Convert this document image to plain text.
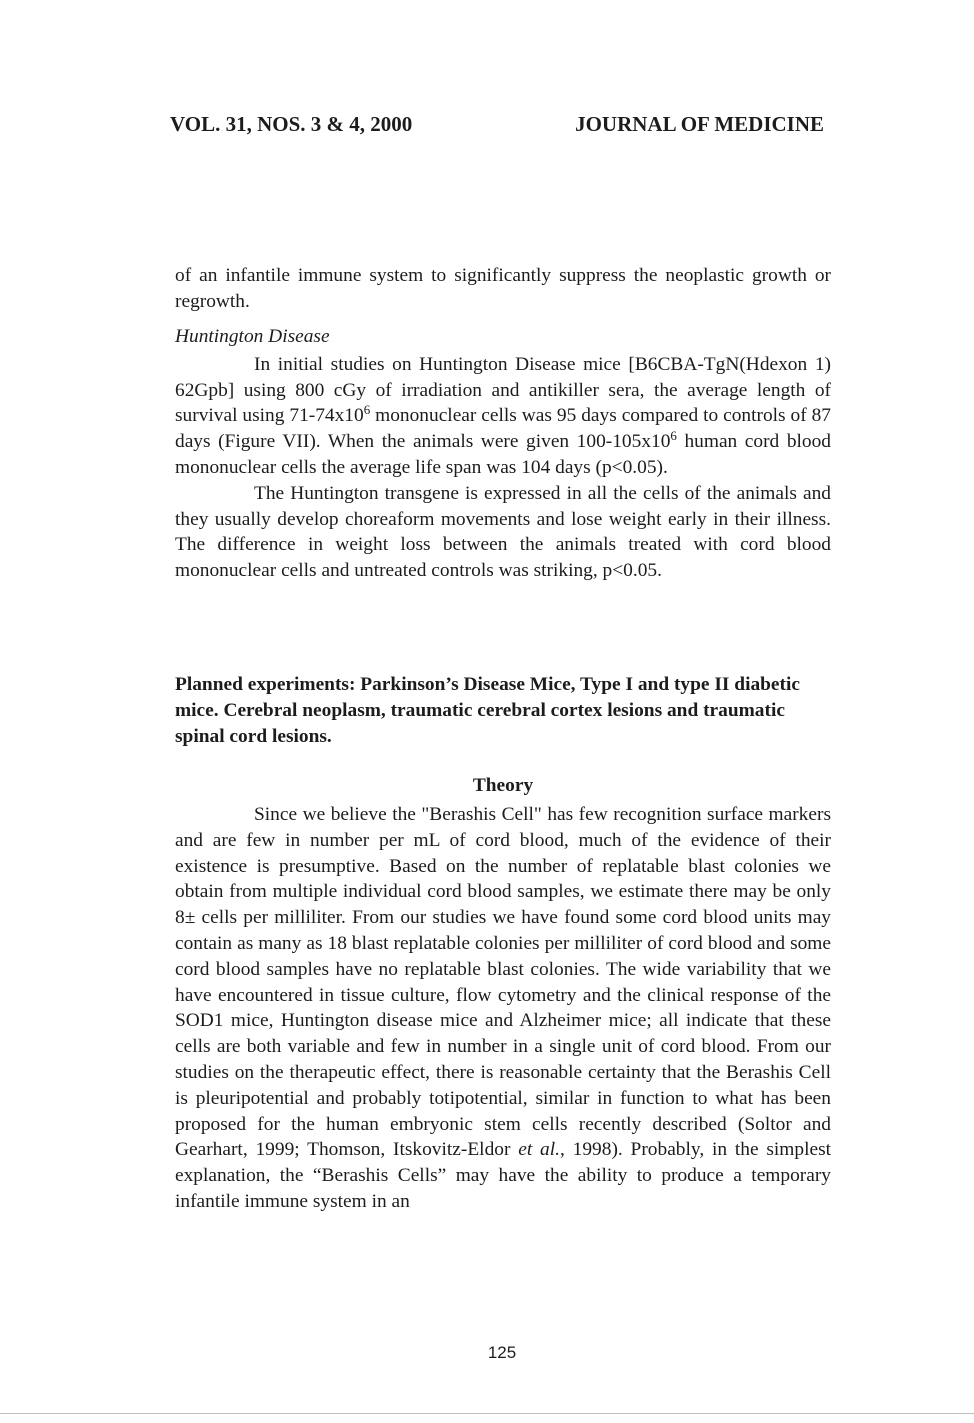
VOL. 31, NOS. 3 & 4, 2000	JOURNAL OF MEDICINE

of an infantile immune system to significantly suppress the neoplastic growth or regrowth.

Huntington Disease

In initial studies on Huntington Disease mice [B6CBA-TgN(Hdexon 1) 62Gpb] using 800 cGy of irradiation and antikiller sera, the average length of survival using $71-74x10^6$ mononuclear cells was 95 days compared to controls of 87 days (Figure VII). When the animals were given $100-105x10^6$ human cord blood mononuclear cells the average life span was 104 days (p<0.05).

The Huntington transgene is expressed in all the cells of the animals and they usually develop choreaform movements and lose weight early in their illness. The difference in weight loss between the animals treated with cord blood mononuclear cells and untreated controls was striking, p<0.05.

Planned experiments: Parkinson’s Disease Mice, Type I and type II diabetic mice. Cerebral neoplasm, traumatic cerebral cortex lesions and traumatic spinal cord lesions.
Theory

Since we believe the "Berashis Cell" has few recognition surface markers and are few in number per mL of cord blood, much of the evidence of their existence is presumptive. Based on the number of replatable blast colonies we obtain from multiple individual cord blood samples, we estimate there may be only 8± cells per milliliter. From our studies we have found some cord blood units may contain as many as 18 blast replatable colonies per milliliter of cord blood and some cord blood samples have no replatable blast colonies. The wide variability that we have encountered in tissue culture, flow cytometry and the clinical response of the SOD1 mice, Huntington disease mice and Alzheimer mice; all indicate that these cells are both variable and few in number in a single unit of cord blood. From our studies on the therapeutic effect, there is reasonable certainty that the Berashis Cell is pleuripotential and probably totipotential, similar in function to what has been proposed for the human embryonic stem cells recently described (Soltor and Gearhart, 1999; Thomson, Itskovitz-Eldor et al., 1998). Probably, in the simplest explanation, the “Berashis Cells” may have the ability to produce a temporary infantile immune system in an

125
